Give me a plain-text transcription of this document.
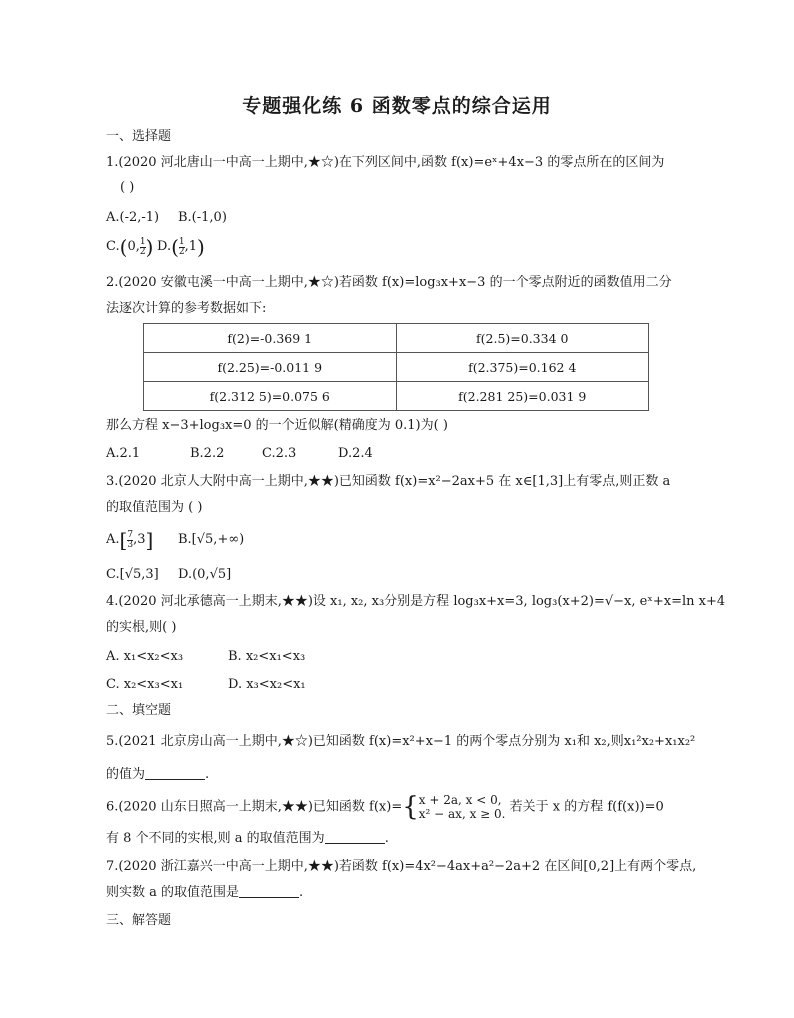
专题强化练 6 函数零点的综合运用
一、选择题
1.(2020 河北唐山一中高一上期中,★☆)在下列区间中,函数 f(x)=eˣ+4x−3 的零点所在的区间为
( )
A.(-2,-1) B.(-1,0)
C.(0, $\frac{1}{2}$ ) $D.( \frac{1}{2} ,1)$
2.(2020 安徽屯溪一中高一上期中,★☆)若函数 f(x)=log₃x+x−3 的一个零点附近的函数值用二分
法逐次计算的参考数据如下:
f(2)=-0.369 1	f(2.5)=0.334 0
f(2.25)=-0.011 9	f(2.375)=0.162 4
f(2.312 5)=0.075 6	f(2.281 25)=0.031 9
那么方程 x−3+log₃x=0 的一个近似解(精确度为 0.1)为( )
A.2.1	B.2.2	C.2.3	D.2.4
3.(2020 北京人大附中高一上期中,★★)已知函数 f(x)=x²−2ax+5 在 x∈[1,3]上有零点,则正数 a
的取值范围为 ( )
$A.[ \frac{7}{3} ,3]$ B.[√5,+∞)
C.[√5,3] D.(0,√5]
4.(2020 河北承德高一上期末,★★)设 x₁, x₂, x₃分别是方程 log₃x+x=3, log₃(x+2)=√−x, eˣ+x=ln x+4
的实根,则( )
A. x₁<x₂<x₃	B. x₂<x₁<x₃
C. x₂<x₃<x₁	D. x₃<x₂<x₁
二、填空题
5.(2021 北京房山高一上期中,★☆)已知函数 f(x)=x²+x−1 的两个零点分别为 x₁和 x₂,则x₁²x₂+x₁x₂²
的值为	.
6.(2020 山东日照高一上期末,★★)已知函数 f(x)={ x + 2a, x < 0,
x² − ax, x ≥ 0. 若关于 x 的方程 f(f(x))=0
有 8 个不同的实根,则 a 的取值范围为	.
7.(2020 浙江嘉兴一中高一上期中,★★)若函数 f(x)=4x²−4ax+a²−2a+2 在区间[0,2]上有两个零点,
则实数 a 的取值范围是	.
三、解答题
